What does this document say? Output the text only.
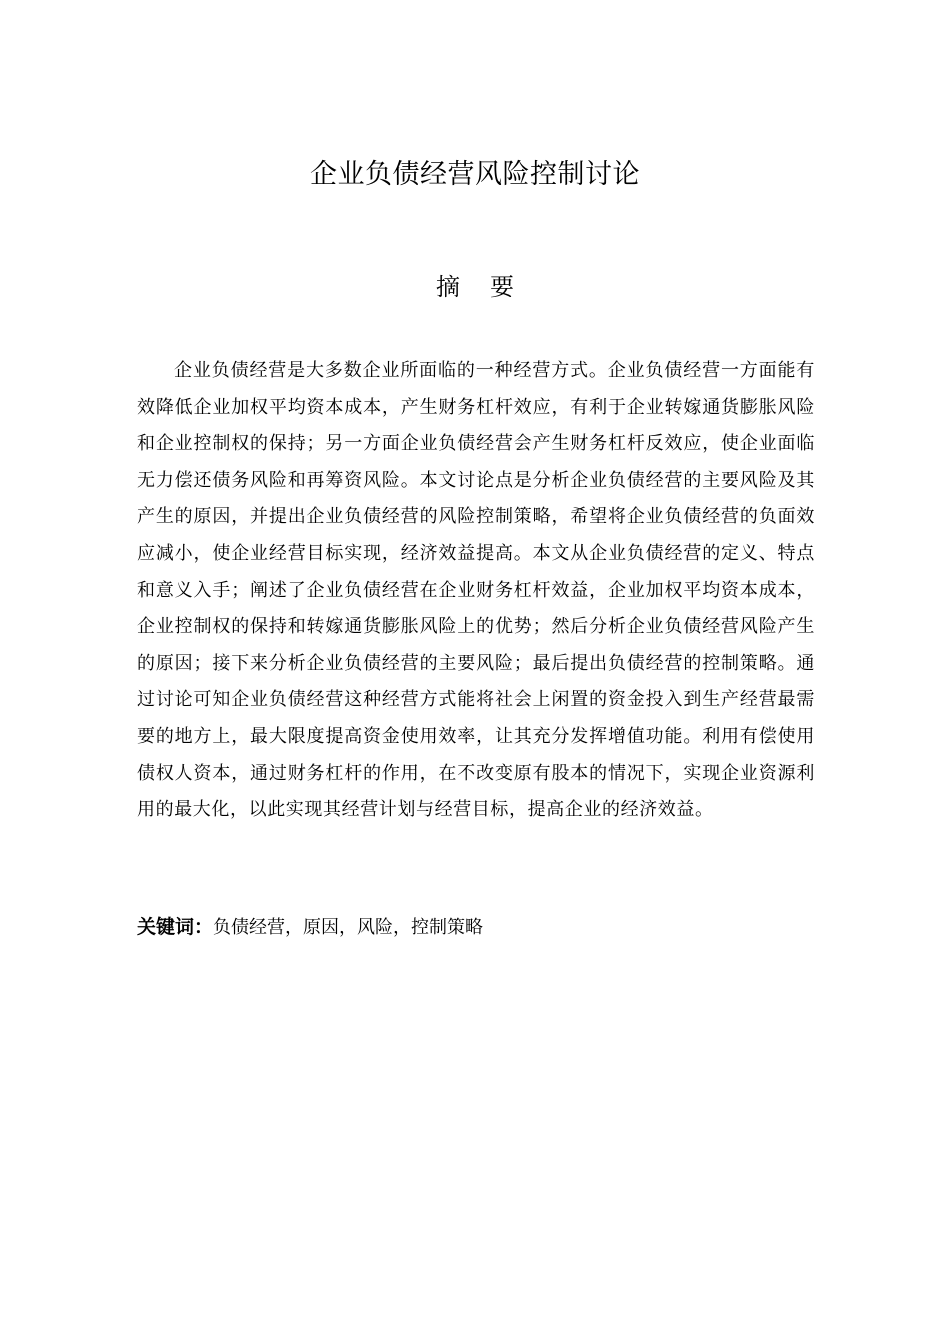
企业负债经营风险控制讨论
摘要

企业负债经营是大多数企业所面临的一种经营方式。企业负债经营一方面能有效降低企业加权平均资本成本，产生财务杠杆效应，有利于企业转嫁通货膨胀风险和企业控制权的保持；另一方面企业负债经营会产生财务杠杆反效应，使企业面临无力偿还债务风险和再筹资风险。本文讨论点是分析企业负债经营的主要风险及其产生的原因，并提出企业负债经营的风险控制策略，希望将企业负债经营的负面效应减小，使企业经营目标实现，经济效益提高。本文从企业负债经营的定义、特点和意义入手；阐述了企业负债经营在企业财务杠杆效益，企业加权平均资本成本，企业控制权的保持和转嫁通货膨胀风险上的优势；然后分析企业负债经营风险产生的原因；接下来分析企业负债经营的主要风险；最后提出负债经营的控制策略。通过讨论可知企业负债经营这种经营方式能将社会上闲置的资金投入到生产经营最需要的地方上，最大限度提高资金使用效率，让其充分发挥增值功能。利用有偿使用债权人资本，通过财务杠杆的作用，在不改变原有股本的情况下，实现企业资源利用的最大化，以此实现其经营计划与经营目标，提高企业的经济效益。

关键词：负债经营，原因，风险，控制策略
